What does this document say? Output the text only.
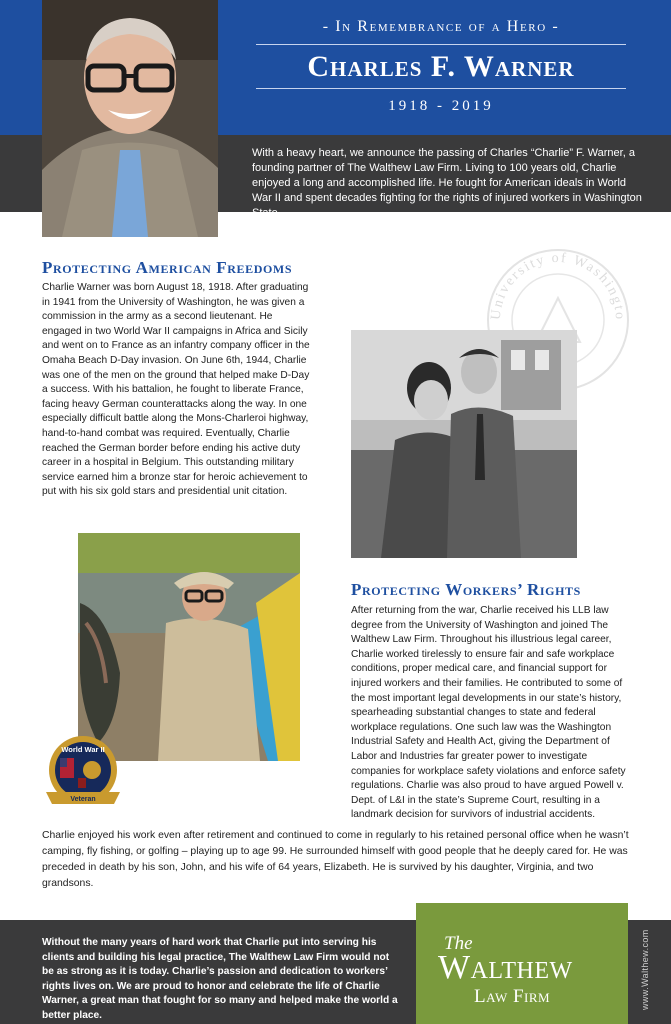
- In Remembrance of a Hero -
Charles F. Warner
1918 - 2019

With a heavy heart, we announce the passing of Charles “Charlie” F. Warner, a founding partner of The Walthew Law Firm. Living to 100 years old, Charlie enjoyed a long and accomplished life. He fought for American ideals in World War II and spent decades fighting for the rights of injured workers in Washington State.

University of Washingto
Protecting American Freedoms

Charlie Warner was born August 18, 1918. After graduating in 1941 from the University of Washington, he was given a commission in the army as a second lieutenant. He engaged in two World War II campaigns in Africa and Sicily and went on to France as an infantry company officer in the Omaha Beach D-Day invasion. On June 6th, 1944, Charlie was one of the men on the ground that helped make D-Day a success. With his battalion, he fought to liberate France, facing heavy German counterattacks along the way. In one especially difficult battle along the Mons-Charleroi highway, hand-to-hand combat was required. Eventually, Charlie reached the German border before ending his active duty career in a hospital in Belgium. This outstanding military service earned him a bronze star for heroic achievement to put with his six gold stars and presidential unit citation.

World War II
Veteran
Protecting Workers’ Rights

After returning from the war, Charlie received his LLB law degree from the University of Washington and joined The Walthew Law Firm. Throughout his illustrious legal career, Charlie worked tirelessly to ensure fair and safe workplace conditions, proper medical care, and financial support for injured workers and their families. He contributed to some of the most important legal developments in our state’s history, spearheading substantial changes to state and federal workplace regulations. One such law was the Washington Industrial Safety and Health Act, giving the Department of Labor and Industries far greater power to investigate companies for workplace safety violations and enforce safety regulations. Charlie was also proud to have argued Powell v. Dept. of L&I in the state’s Supreme Court, resulting in a landmark decision for survivors of industrial accidents.

Charlie enjoyed his work even after retirement and continued to come in regularly to his retained personal office when he wasn’t camping, fly fishing, or golfing – playing up to age 99. He surrounded himself with good people that he deeply cared for. He was preceded in death by his son, John, and his wife of 64 years, Elizabeth. He is survived by his daughter, Virginia, and two grandsons.

Without the many years of hard work that Charlie put into serving his clients and building his legal practice, The Walthew Law Firm would not be as strong as it is today. Charlie’s passion and dedication to workers’ rights lives on. We are proud to honor and celebrate the life of Charlie Warner, a great man that fought for so many and helped make the world a better place.

The
Walthew
Law Firm	www.Walthew.com
